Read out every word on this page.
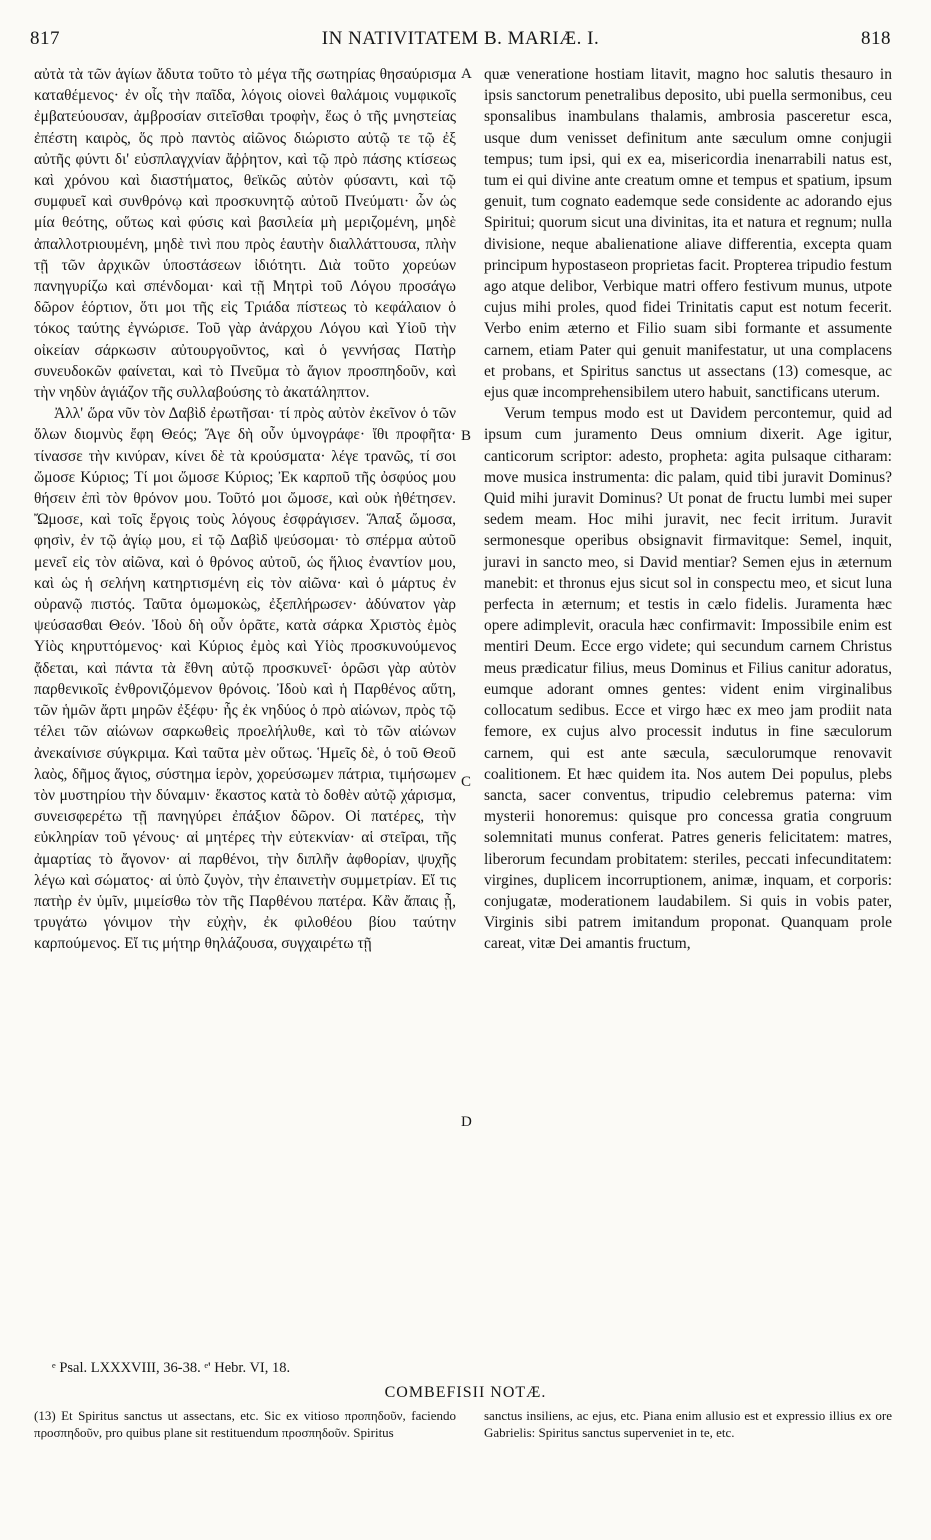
817	IN NATIVITATEM B. MARIÆ. I.	818

αὐτὰ τὰ τῶν ἁγίων ἄδυτα τοῦτο τὸ μέγα τῆς σωτηρίας θησαύρισμα καταθέμενος· ἐν οἷς τὴν παῖδα, λόγοις οἱονεὶ θαλάμοις νυμφικοῖς ἐμβατεύουσαν, ἀμβροσίαν σιτεῖσθαι τροφὴν, ἕως ὁ τῆς μνηστείας ἐπέστη καιρὸς, ὅς πρὸ παντὸς αἰῶνος διώριστο αὐτῷ τε τῷ ἐξ αὐτῆς φύντι δι' εὐσπλαγχνίαν ἄῤῥητον, καὶ τῷ πρὸ πάσης κτίσεως καὶ χρόνου καὶ διαστήματος, θεϊκῶς αὐτὸν φύσαντι, καὶ τῷ συμφυεῖ καὶ συνθρόνῳ καὶ προσκυνητῷ αὐτοῦ Πνεύματι· ὧν ὡς μία θεότης, οὕτως καὶ φύσις καὶ βασιλεία μὴ μεριζομένη, μηδὲ ἀπαλλοτριουμένη, μηδὲ τινὶ που πρὸς ἑαυτὴν διαλλάττουσα, πλὴν τῇ τῶν ἀρχικῶν ὑποστάσεων ἰδιότητι. Διὰ τοῦτο χορεύων πανηγυρίζω καὶ σπένδομαι· καὶ τῇ Μητρὶ τοῦ Λόγου προσάγω δῶρον ἑόρτιον, ὅτι μοι τῆς εἰς Τριάδα πίστεως τὸ κεφάλαιον ὁ τόκος ταύτης ἐγνώρισε. Τοῦ γὰρ ἀνάρχου Λόγου καὶ Υἱοῦ τὴν οἰκείαν σάρκωσιν αὐτουργοῦντος, καὶ ὁ γεννήσας Πατὴρ συνευδοκῶν φαίνεται, καὶ τὸ Πνεῦμα τὸ ἅγιον προσπηδοῦν, καὶ τὴν νηδὺν ἁγιάζον τῆς συλλαβούσης τὸ ἀκατάληπτον.

Ἀλλ' ὥρα νῦν τὸν Δαβὶδ ἐρωτῆσαι· τί πρὸς αὐτὸν ἐκεῖνον ὁ τῶν ὅλων διομνὺς ἔφη Θεός; Ἄγε δὴ οὖν ὑμνογράφε· ἴθι προφῆτα· τίνασσε τὴν κινύραν, κίνει δὲ τὰ κρούσματα· λέγε τρανῶς, τί σοι ὤμοσε Κύριος; Τί μοι ὤμοσε Κύριος; Ἐκ καρποῦ τῆς ὀσφύος μου θήσειν ἐπὶ τὸν θρόνον μου. Τοῦτό μοι ὤμοσε, καὶ οὐκ ἠθέτησεν. Ὤμοσε, καὶ τοῖς ἔργοις τοὺς λόγους ἐσφράγισεν. Ἅπαξ ὤμοσα, φησὶν, ἐν τῷ ἁγίῳ μου, εἰ τῷ Δαβὶδ ψεύσομαι· τὸ σπέρμα αὐτοῦ μενεῖ εἰς τὸν αἰῶνα, καὶ ὁ θρόνος αὐτοῦ, ὡς ἥλιος ἐναντίον μου, καὶ ὡς ἡ σελήνη κατηρτισμένη εἰς τὸν αἰῶνα· καὶ ὁ μάρτυς ἐν οὐρανῷ πιστός. Ταῦτα ὁμωμοκὼς, ἐξεπλήρωσεν· ἀδύνατον γὰρ ψεύσασθαι Θεόν. Ἰδοὺ δὴ οὖν ὁρᾶτε, κατὰ σάρκα Χριστὸς ἐμὸς Υἱὸς κηρυττόμενος· καὶ Κύριος ἐμὸς καὶ Υἱὸς προσκυνούμενος ᾄδεται, καὶ πάντα τὰ ἔθνη αὐτῷ προσκυνεῖ· ὁρῶσι γὰρ αὐτὸν παρθενικοῖς ἐνθρονιζόμενον θρόνοις. Ἰδοὺ καὶ ἡ Παρθένος αὕτη, τῶν ἡμῶν ἄρτι μηρῶν ἐξέφυ· ἧς ἐκ νηδύος ὁ πρὸ αἰώνων, πρὸς τῷ τέλει τῶν αἰώνων σαρκωθεὶς προελήλυθε, καὶ τὸ τῶν αἰώνων ἀνεκαίνισε σύγκριμα. Καὶ ταῦτα μὲν οὕτως. Ἡμεῖς δὲ, ὁ τοῦ Θεοῦ λαὸς, δῆμος ἅγιος, σύστημα ἱερὸν, χορεύσωμεν πάτρια, τιμήσωμεν τὸν μυστηρίου τὴν δύναμιν· ἕκαστος κατὰ τὸ δοθὲν αὐτῷ χάρισμα, συνεισφερέτω τῇ πανηγύρει ἐπάξιον δῶρον. Οἱ πατέρες, τὴν εὐκληρίαν τοῦ γένους· αἱ μητέρες τὴν εὐτεκνίαν· αἱ στεῖραι, τῆς ἀμαρτίας τὸ ἄγονον· αἱ παρθένοι, τὴν διπλῆν ἀφθορίαν, ψυχῆς λέγω καὶ σώματος· αἱ ὑπὸ ζυγὸν, τὴν ἐπαινετὴν συμμετρίαν. Εἴ τις πατὴρ ἐν ὑμῖν, μιμείσθω τὸν τῆς Παρθένου πατέρα. Κἂν ἄπαις ᾖ, τρυγάτω γόνιμον τὴν εὐχὴν, ἐκ φιλοθέου βίου ταύτην καρπούμενος. Εἴ τις μήτηρ θηλάζουσα, συγχαιρέτω τῇ

A
B
C
D

quæ veneratione hostiam litavit, magno hoc salutis thesauro in ipsis sanctorum penetralibus deposito, ubi puella sermonibus, ceu sponsalibus inambulans thalamis, ambrosia pasceretur esca, usque dum venisset definitum ante sæculum omne conjugii tempus; tum ipsi, qui ex ea, misericordia inenarrabili natus est, tum ei qui divine ante creatum omne et tempus et spatium, ipsum genuit, tum cognato eademque sede considente ac adorando ejus Spiritui; quorum sicut una divinitas, ita et natura et regnum; nulla divisione, neque abalienatione aliave differentia, excepta quam principum hypostaseon proprietas facit. Propterea tripudio festum ago atque delibor, Verbique matri offero festivum munus, utpote cujus mihi proles, quod fidei Trinitatis caput est notum fecerit. Verbo enim æterno et Filio suam sibi formante et assumente carnem, etiam Pater qui genuit manifestatur, ut una complacens et probans, et Spiritus sanctus ut assectans (13) comesque, ac ejus quæ incomprehensibilem utero habuit, sanctificans uterum.

Verum tempus modo est ut Davidem percontemur, quid ad ipsum cum juramento Deus omnium dixerit. Age igitur, canticorum scriptor: adesto, propheta: agita pulsaque citharam: move musica instrumenta: dic palam, quid tibi juravit Dominus? Quid mihi juravit Dominus? Ut ponat de fructu lumbi mei super sedem meam. Hoc mihi juravit, nec fecit irritum. Juravit sermonesque operibus obsignavit firmavitque: Semel, inquit, juravi in sancto meo, si David mentiar? Semen ejus in æternum manebit: et thronus ejus sicut sol in conspectu meo, et sicut luna perfecta in æternum; et testis in cælo fidelis. Juramenta hæc opere adimplevit, oracula hæc confirmavit: Impossibile enim est mentiri Deum. Ecce ergo videte; qui secundum carnem Christus meus prædicatur filius, meus Dominus et Filius canitur adoratus, eumque adorant omnes gentes: vident enim virginalibus collocatum sedibus. Ecce et virgo hæc ex meo jam prodiit nata femore, ex cujus alvo processit indutus in fine sæculorum carnem, qui est ante sæcula, sæculorumque renovavit coalitionem. Et hæc quidem ita. Nos autem Dei populus, plebs sancta, sacer conventus, tripudio celebremus paterna: vim mysterii honoremus: quisque pro concessa gratia congruum solemnitati munus conferat. Patres generis felicitatem: matres, liberorum fecundam probitatem: steriles, peccati infecunditatem: virgines, duplicem incorruptionem, animæ, inquam, et corporis: conjugatæ, moderationem laudabilem. Si quis in vobis pater, Virginis sibi patrem imitandum proponat. Quanquam prole careat, vitæ Dei amantis fructum,

ᵉ Psal. LXXXVIII, 36-38. ᵉ' Hebr. VI, 18.
COMBEFISII NOTÆ.
(13) Et Spiritus sanctus ut assectans, etc. Sic ex vitioso προπηδοῦν, faciendo προσπηδοῦν, pro quibus plane sit restituendum προσπηδοῦν. Spiritus
sanctus insiliens, ac ejus, etc. Piana enim allusio est et expressio illius ex ore Gabrielis: Spiritus sanctus superveniet in te, etc.
